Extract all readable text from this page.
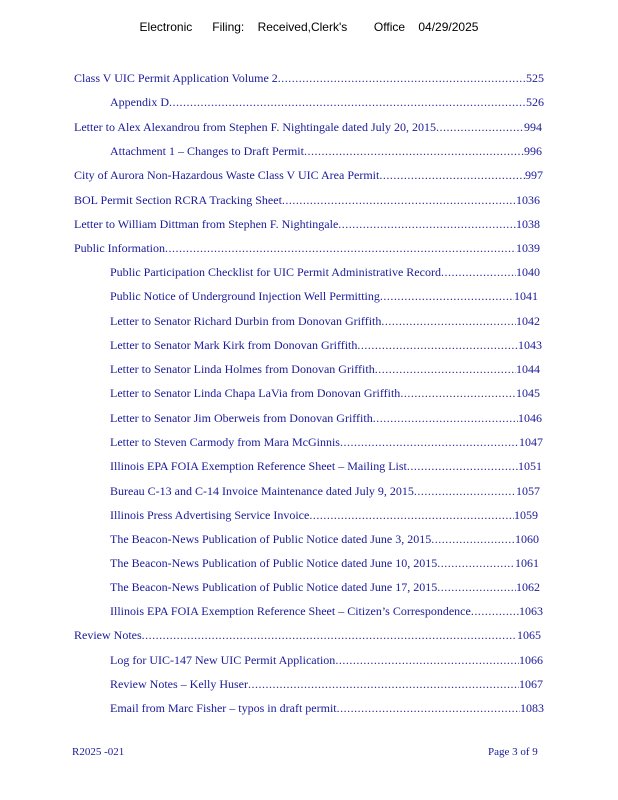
Electronic      Filing:    Received,Clerk's        Office    04/29/2025
Class V UIC Permit Application Volume 2 .....	525
Appendix D .....	526
Letter to Alex Alexandrou from Stephen F. Nightingale dated July 20, 2015 .....	994
Attachment 1 – Changes to Draft Permit .....	996
City of Aurora Non-Hazardous Waste Class V UIC Area Permit .....	997
BOL Permit Section RCRA Tracking Sheet .....	1036
Letter to William Dittman from Stephen F. Nightingale .....	1038
Public Information .....	1039
Public Participation Checklist for UIC Permit Administrative Record .....	1040
Public Notice of Underground Injection Well Permitting .....	1041
Letter to Senator Richard Durbin from Donovan Griffith .....	1042
Letter to Senator Mark Kirk from Donovan Griffith .....	1043
Letter to Senator Linda Holmes from Donovan Griffith .....	1044
Letter to Senator Linda Chapa LaVia from Donovan Griffith .....	1045
Letter to Senator Jim Oberweis from Donovan Griffith .....	1046
Letter to Steven Carmody from Mara McGinnis .....	1047
Illinois EPA FOIA Exemption Reference Sheet – Mailing List .....	1051
Bureau C-13 and C-14 Invoice Maintenance dated July 9, 2015 .....	1057
Illinois Press Advertising Service Invoice .....	1059
The Beacon-News Publication of Public Notice dated June 3, 2015 .....	1060
The Beacon-News Publication of Public Notice dated June 10, 2015 .....	1061
The Beacon-News Publication of Public Notice dated June 17, 2015 .....	1062
Illinois EPA FOIA Exemption Reference Sheet – Citizen’s Correspondence .....	1063
Review Notes .....	1065
Log for UIC-147 New UIC Permit Application .....	1066
Review Notes – Kelly Huser .....	1067
Email from Marc Fisher – typos in draft permit .....	1083
R2025 -021	Page 3 of 9
